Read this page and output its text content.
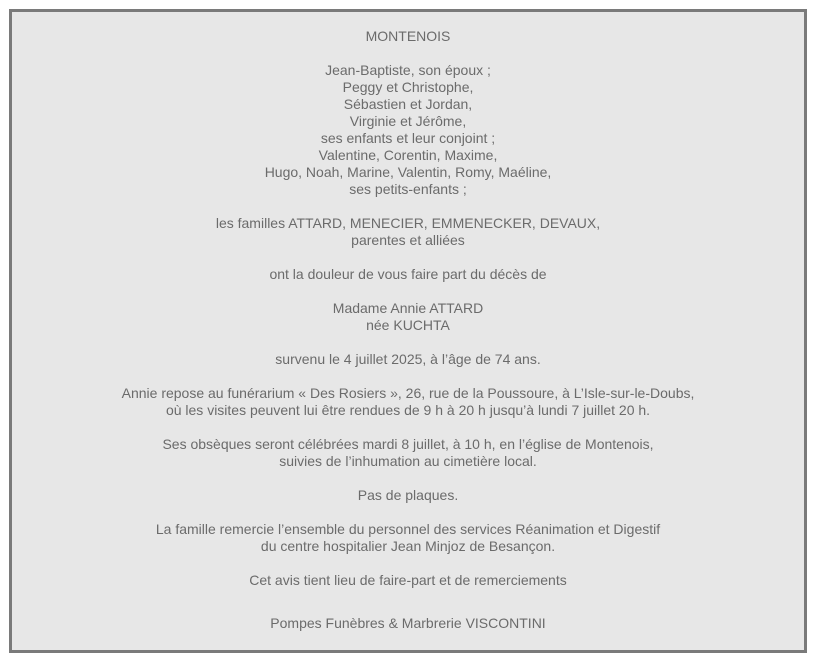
MONTENOIS
Jean-Baptiste, son époux ;
Peggy et Christophe,
Sébastien et Jordan,
Virginie et Jérôme,
ses enfants et leur conjoint ;
Valentine, Corentin, Maxime,
Hugo, Noah, Marine, Valentin, Romy, Maéline,
ses petits-enfants ;
les familles ATTARD, MENECIER, EMMENECKER, DEVAUX,
parentes et alliées
ont la douleur de vous faire part du décès de
Madame Annie ATTARD
née KUCHTA
survenu le 4 juillet 2025, à l’âge de 74 ans.
Annie repose au funérarium « Des Rosiers », 26, rue de la Poussoure, à L’Isle-sur-le-Doubs,
où les visites peuvent lui être rendues de 9 h à 20 h jusqu’à lundi 7 juillet 20 h.
Ses obsèques seront célébrées mardi 8 juillet, à 10 h, en l’église de Montenois,
suivies de l’inhumation au cimetière local.
Pas de plaques.
La famille remercie l’ensemble du personnel des services Réanimation et Digestif
du centre hospitalier Jean Minjoz de Besançon.
Cet avis tient lieu de faire-part et de remerciements
Pompes Funèbres & Marbrerie VISCONTINI
